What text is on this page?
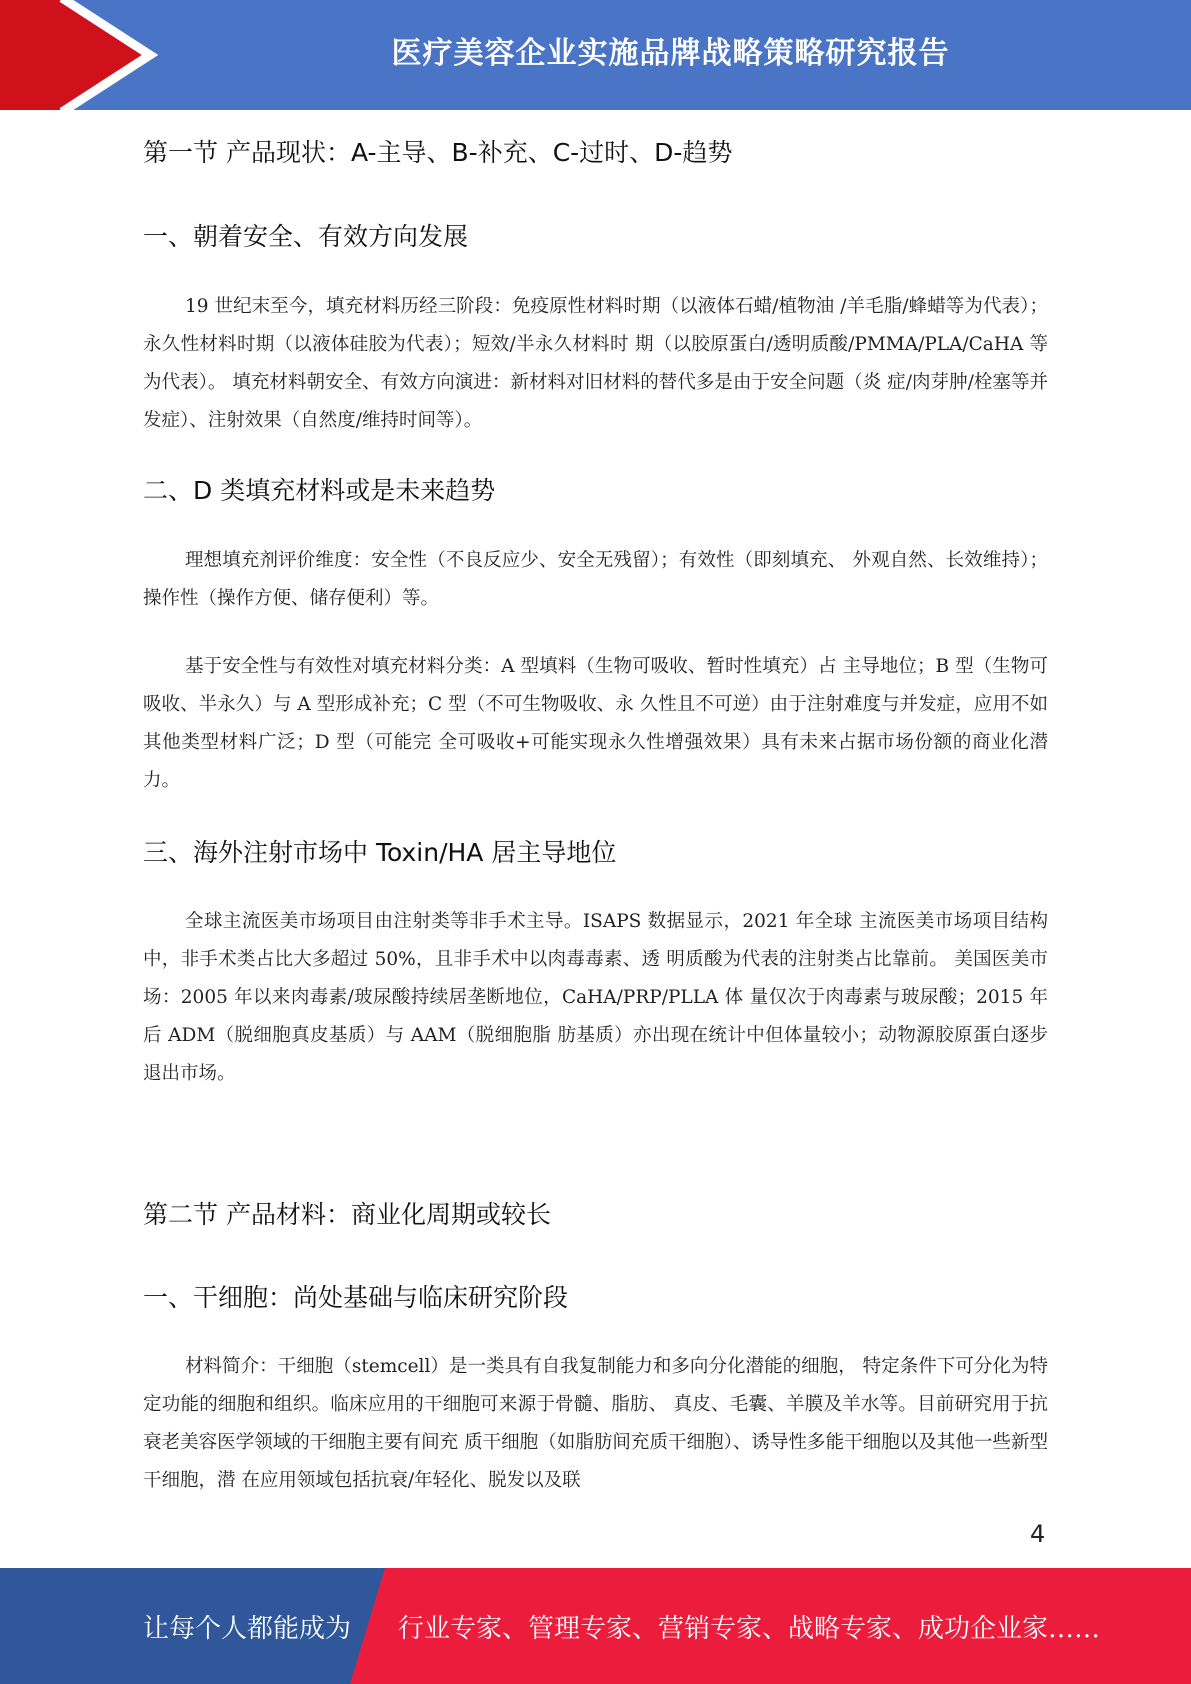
医疗美容企业实施品牌战略策略研究报告
第一节 产品现状：A-主导、B-补充、C-过时、D-趋势
一、朝着安全、有效方向发展

19 世纪末至今，填充材料历经三阶段：免疫原性材料时期（以液体石蜡/植物油 /羊毛脂/蜂蜡等为代表）；永久性材料时期（以液体硅胶为代表）；短效/半永久材料时 期（以胶原蛋白/透明质酸/PMMA/PLA/CaHA 等为代表）。 填充材料朝安全、有效方向演进：新材料对旧材料的替代多是由于安全问题（炎 症/肉芽肿/栓塞等并发症）、注射效果（自然度/维持时间等）。

二、D 类填充材料或是未来趋势

理想填充剂评价维度：安全性（不良反应少、安全无残留）；有效性（即刻填充、 外观自然、长效维持）；操作性（操作方便、储存便利）等。

基于安全性与有效性对填充材料分类：A 型填料（生物可吸收、暂时性填充）占 主导地位；B 型（生物可吸收、半永久）与 A 型形成补充；C 型（不可生物吸收、永 久性且不可逆）由于注射难度与并发症，应用不如其他类型材料广泛；D 型（可能完 全可吸收+可能实现永久性增强效果）具有未来占据市场份额的商业化潜力。

三、海外注射市场中 Toxin/HA 居主导地位

全球主流医美市场项目由注射类等非手术主导。ISAPS 数据显示，2021 年全球 主流医美市场项目结构中，非手术类占比大多超过 50%，且非手术中以肉毒毒素、透 明质酸为代表的注射类占比靠前。 美国医美市场：2005 年以来肉毒素/玻尿酸持续居垄断地位，CaHA/PRP/PLLA 体 量仅次于肉毒素与玻尿酸；2015 年后 ADM（脱细胞真皮基质）与 AAM（脱细胞脂 肪基质）亦出现在统计中但体量较小；动物源胶原蛋白逐步退出市场。

第二节 产品材料：商业化周期或较长
一、干细胞：尚处基础与临床研究阶段

材料简介：干细胞（stemcell）是一类具有自我复制能力和多向分化潜能的细胞， 特定条件下可分化为特定功能的细胞和组织。临床应用的干细胞可来源于骨髓、脂肪、 真皮、毛囊、羊膜及羊水等。目前研究用于抗衰老美容医学领域的干细胞主要有间充 质干细胞（如脂肪间充质干细胞）、诱导性多能干细胞以及其他一些新型干细胞，潜 在应用领域包括抗衰/年轻化、脱发以及联

4
让每个人都能成为 行业专家、管理专家、营销专家、战略专家、成功企业家……
